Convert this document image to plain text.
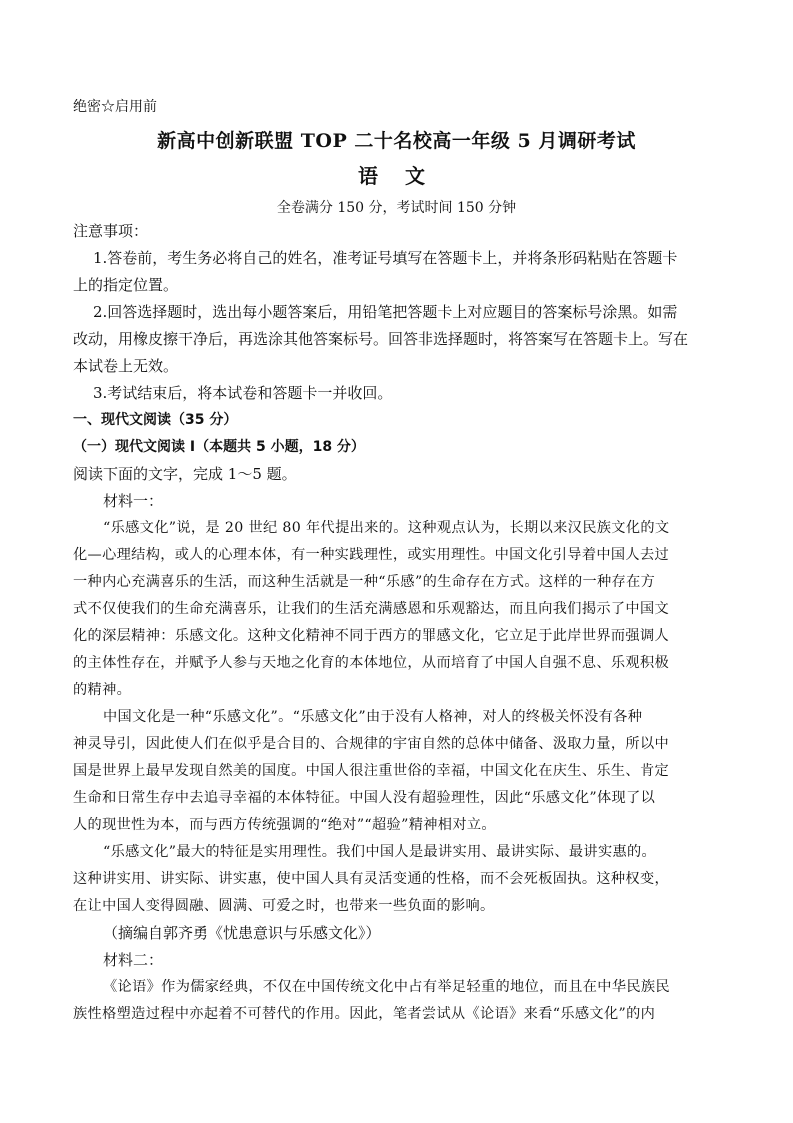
绝密☆启用前
新高中创新联盟 TOP 二十名校高一年级 5 月调研考试
语 文
全卷满分 150 分，考试时间 150 分钟
注意事项：
1.答卷前，考生务必将自己的姓名，准考证号填写在答题卡上，并将条形码粘贴在答题卡
上的指定位置。
2.回答选择题时，选出每小题答案后，用铅笔把答题卡上对应题目的答案标号涂黑。如需
改动，用橡皮擦干净后，再选涂其他答案标号。回答非选择题时，将答案写在答题卡上。写在
本试卷上无效。
3.考试结束后，将本试卷和答题卡一并收回。
一、现代文阅读（35 分）
（一）现代文阅读 I（本题共 5 小题，18 分）
阅读下面的文字，完成 1～5 题。
材料一：
“乐感文化”说，是 20 世纪 80 年代提出来的。这种观点认为，长期以来汉民族文化的文
化—心理结构，或人的心理本体，有一种实践理性，或实用理性。中国文化引导着中国人去过
一种内心充满喜乐的生活，而这种生活就是一种“乐感”的生命存在方式。这样的一种存在方
式不仅使我们的生命充满喜乐，让我们的生活充满感恩和乐观豁达，而且向我们揭示了中国文
化的深层精神：乐感文化。这种文化精神不同于西方的罪感文化，它立足于此岸世界而强调人
的主体性存在，并赋予人参与天地之化育的本体地位，从而培育了中国人自强不息、乐观积极
的精神。
中国文化是一种“乐感文化”。“乐感文化”由于没有人格神，对人的终极关怀没有各种
神灵导引，因此使人们在似乎是合目的、合规律的宇宙自然的总体中储备、汲取力量，所以中
国是世界上最早发现自然美的国度。中国人很注重世俗的幸福，中国文化在庆生、乐生、肯定
生命和日常生存中去追寻幸福的本体特征。中国人没有超验理性，因此“乐感文化”体现了以
人的现世性为本，而与西方传统强调的“绝对”“超验”精神相对立。
“乐感文化”最大的特征是实用理性。我们中国人是最讲实用、最讲实际、最讲实惠的。
这种讲实用、讲实际、讲实惠，使中国人具有灵活变通的性格，而不会死板固执。这种权变，
在让中国人变得圆融、圆满、可爱之时，也带来一些负面的影响。
（摘编自郭齐勇《忧患意识与乐感文化》）
材料二：
《论语》作为儒家经典，不仅在中国传统文化中占有举足轻重的地位，而且在中华民族民
族性格塑造过程中亦起着不可替代的作用。因此，笔者尝试从《论语》来看“乐感文化”的内
